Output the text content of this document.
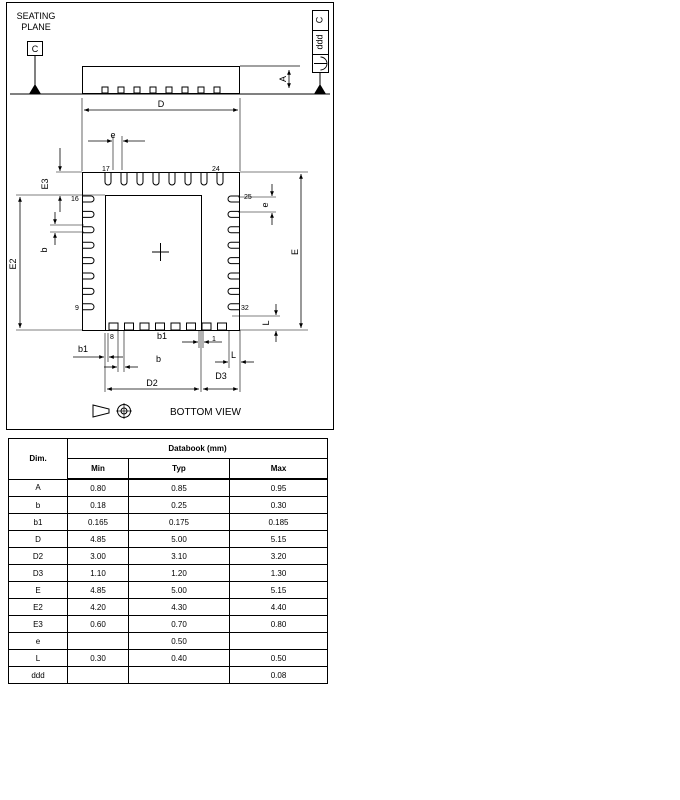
SEATING
PLANE
C
A
C
ddd
D
e
17	24
16	25
9	32
8	1
E3
E2
b
e
E
L
b1
b1
b	L
D2
D3
BOTTOM VIEW
Dim.	Databook (mm)		
	Min	Typ	Max
A	0.80	0.85	0.95
b	0.18	0.25	0.30
b1	0.165	0.175	0.185
D	4.85	5.00	5.15
D2	3.00	3.10	3.20
D3	1.10	1.20	1.30
E	4.85	5.00	5.15
E2	4.20	4.30	4.40
E3	0.60	0.70	0.80
e		0.50	
L	0.30	0.40	0.50
ddd			0.08
